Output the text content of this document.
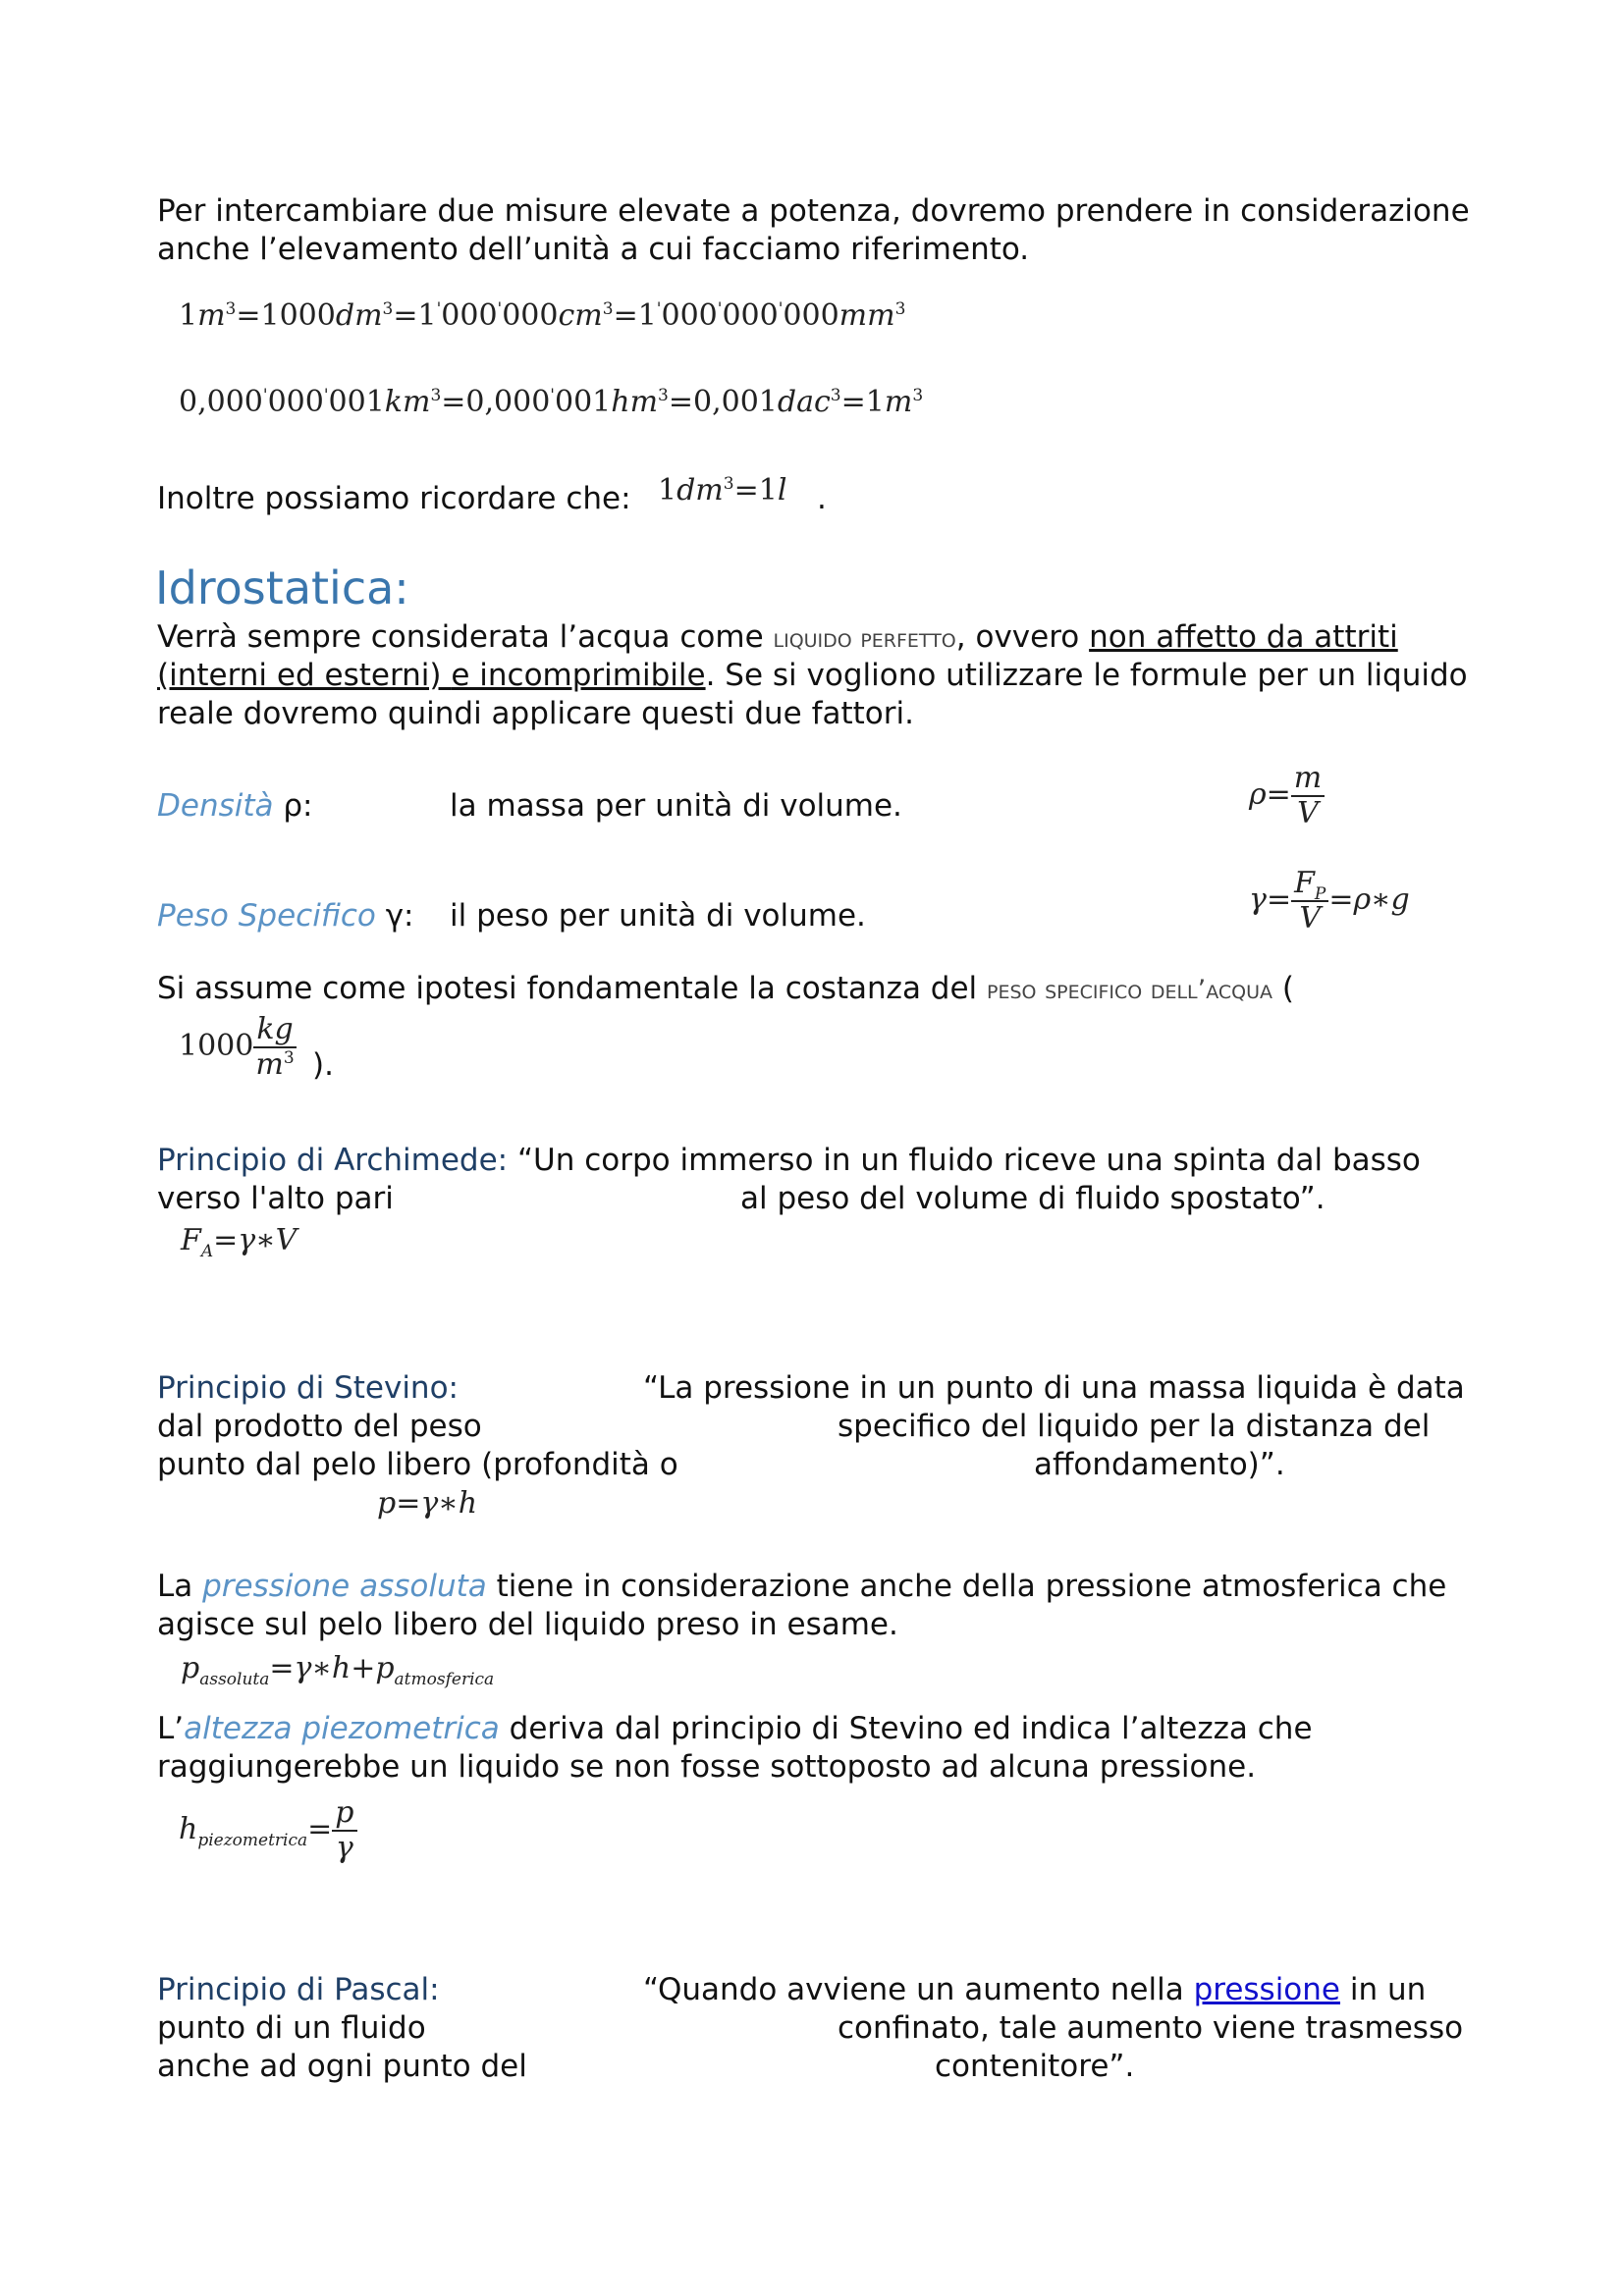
Per intercambiare due misure elevate a potenza, dovremo prendere in considerazione
anche l’elevamento dell’unità a cui facciamo riferimento.
$1m^3=1000dm^3=1'000'000cm^3=1'000'000'000mm^3$
$0,000'000'001km^3=0,000'001hm^3=0,001dac^3=1m^3$
Inoltre possiamo ricordare che: $1dm^3=1l$ .
Idrostatica:
Verrà sempre considerata l’acqua come liquido perfetto, ovvero non affetto da attriti
(interni ed esterni) e incomprimibile. Se si vogliono utilizzare le formule per un liquido
reale dovremo quindi applicare questi due fattori.
Densità ρ:	la massa per unità di volume.	$\rho= \frac{m}{V}$
Peso Specifico γ: il peso per unità di volume.	$\gamma= \frac{F_P}{V}$ =ρ∗g
Si assume come ipotesi fondamentale la costanza del peso specifico dell’acqua (
$1000 \frac{kg}{m^3}$ ).
Principio di Archimede: “Un corpo immerso in un fluido riceve una spinta dal basso
verso l'alto pari	al peso del volume di fluido spostato”.
$F_A=\gamma∗V$
Principio di Stevino:	“La pressione in un punto di una massa liquida è data
dal prodotto del peso	specifico del liquido per la distanza del
punto dal pelo libero (profondità o	affondamento)”.
p=γ∗h
La pressione assoluta tiene in considerazione anche della pressione atmosferica che
agisce sul pelo libero del liquido preso in esame.
$p_{assoluta}=\gamma∗h+p_{atmosferica}$
L’altezza piezometrica deriva dal principio di Stevino ed indica l’altezza che
raggiungerebbe un liquido se non fosse sottoposto ad alcuna pressione.
$h_{piezometrica}= \frac{p}{\gamma}$
Principio di Pascal:	“Quando avviene un aumento nella pressione in un
punto di un fluido	confinato, tale aumento viene trasmesso
anche ad ogni punto del	contenitore”.
